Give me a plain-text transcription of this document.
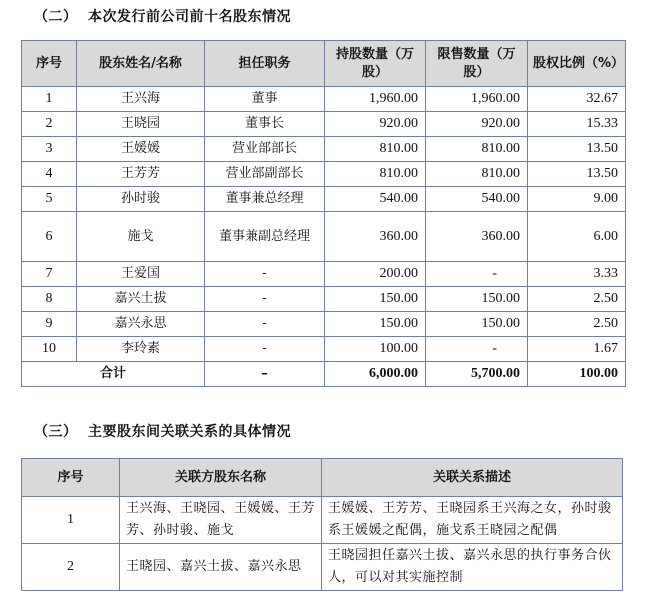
（二） 本次发行前公司前十名股东情况
序号	股东姓名/名称	担任职务	持股数量（万股）	限售数量（万股）	股权比例（%）
1	王兴海	董事	1,960.00	1,960.00	32.67
2	王晓园	董事长	920.00	920.00	15.33
3	王媛媛	营业部部长	810.00	810.00	13.50
4	王芳芳	营业部副部长	810.00	810.00	13.50
5	孙时骏	董事兼总经理	540.00	540.00	9.00
6	施戈	董事兼副总经理	360.00	360.00	6.00
7	王爱国	-	200.00	-	3.33
8	嘉兴土拔	-	150.00	150.00	2.50
9	嘉兴永思	-	150.00	150.00	2.50
10	李玲素	-	100.00	-	1.67
合计		–	6,000.00	5,700.00	100.00
（三） 主要股东间关联关系的具体情况
序号	关联方股东名称	关联关系描述
1	王兴海、王晓园、王媛媛、王芳芳、孙时骏、施戈	王媛媛、王芳芳、王晓园系王兴海之女，孙时骏系王媛媛之配偶，施戈系王晓园之配偶
2	王晓园、嘉兴土拔、嘉兴永思	王晓园担任嘉兴土拔、嘉兴永思的执行事务合伙人，可以对其实施控制
